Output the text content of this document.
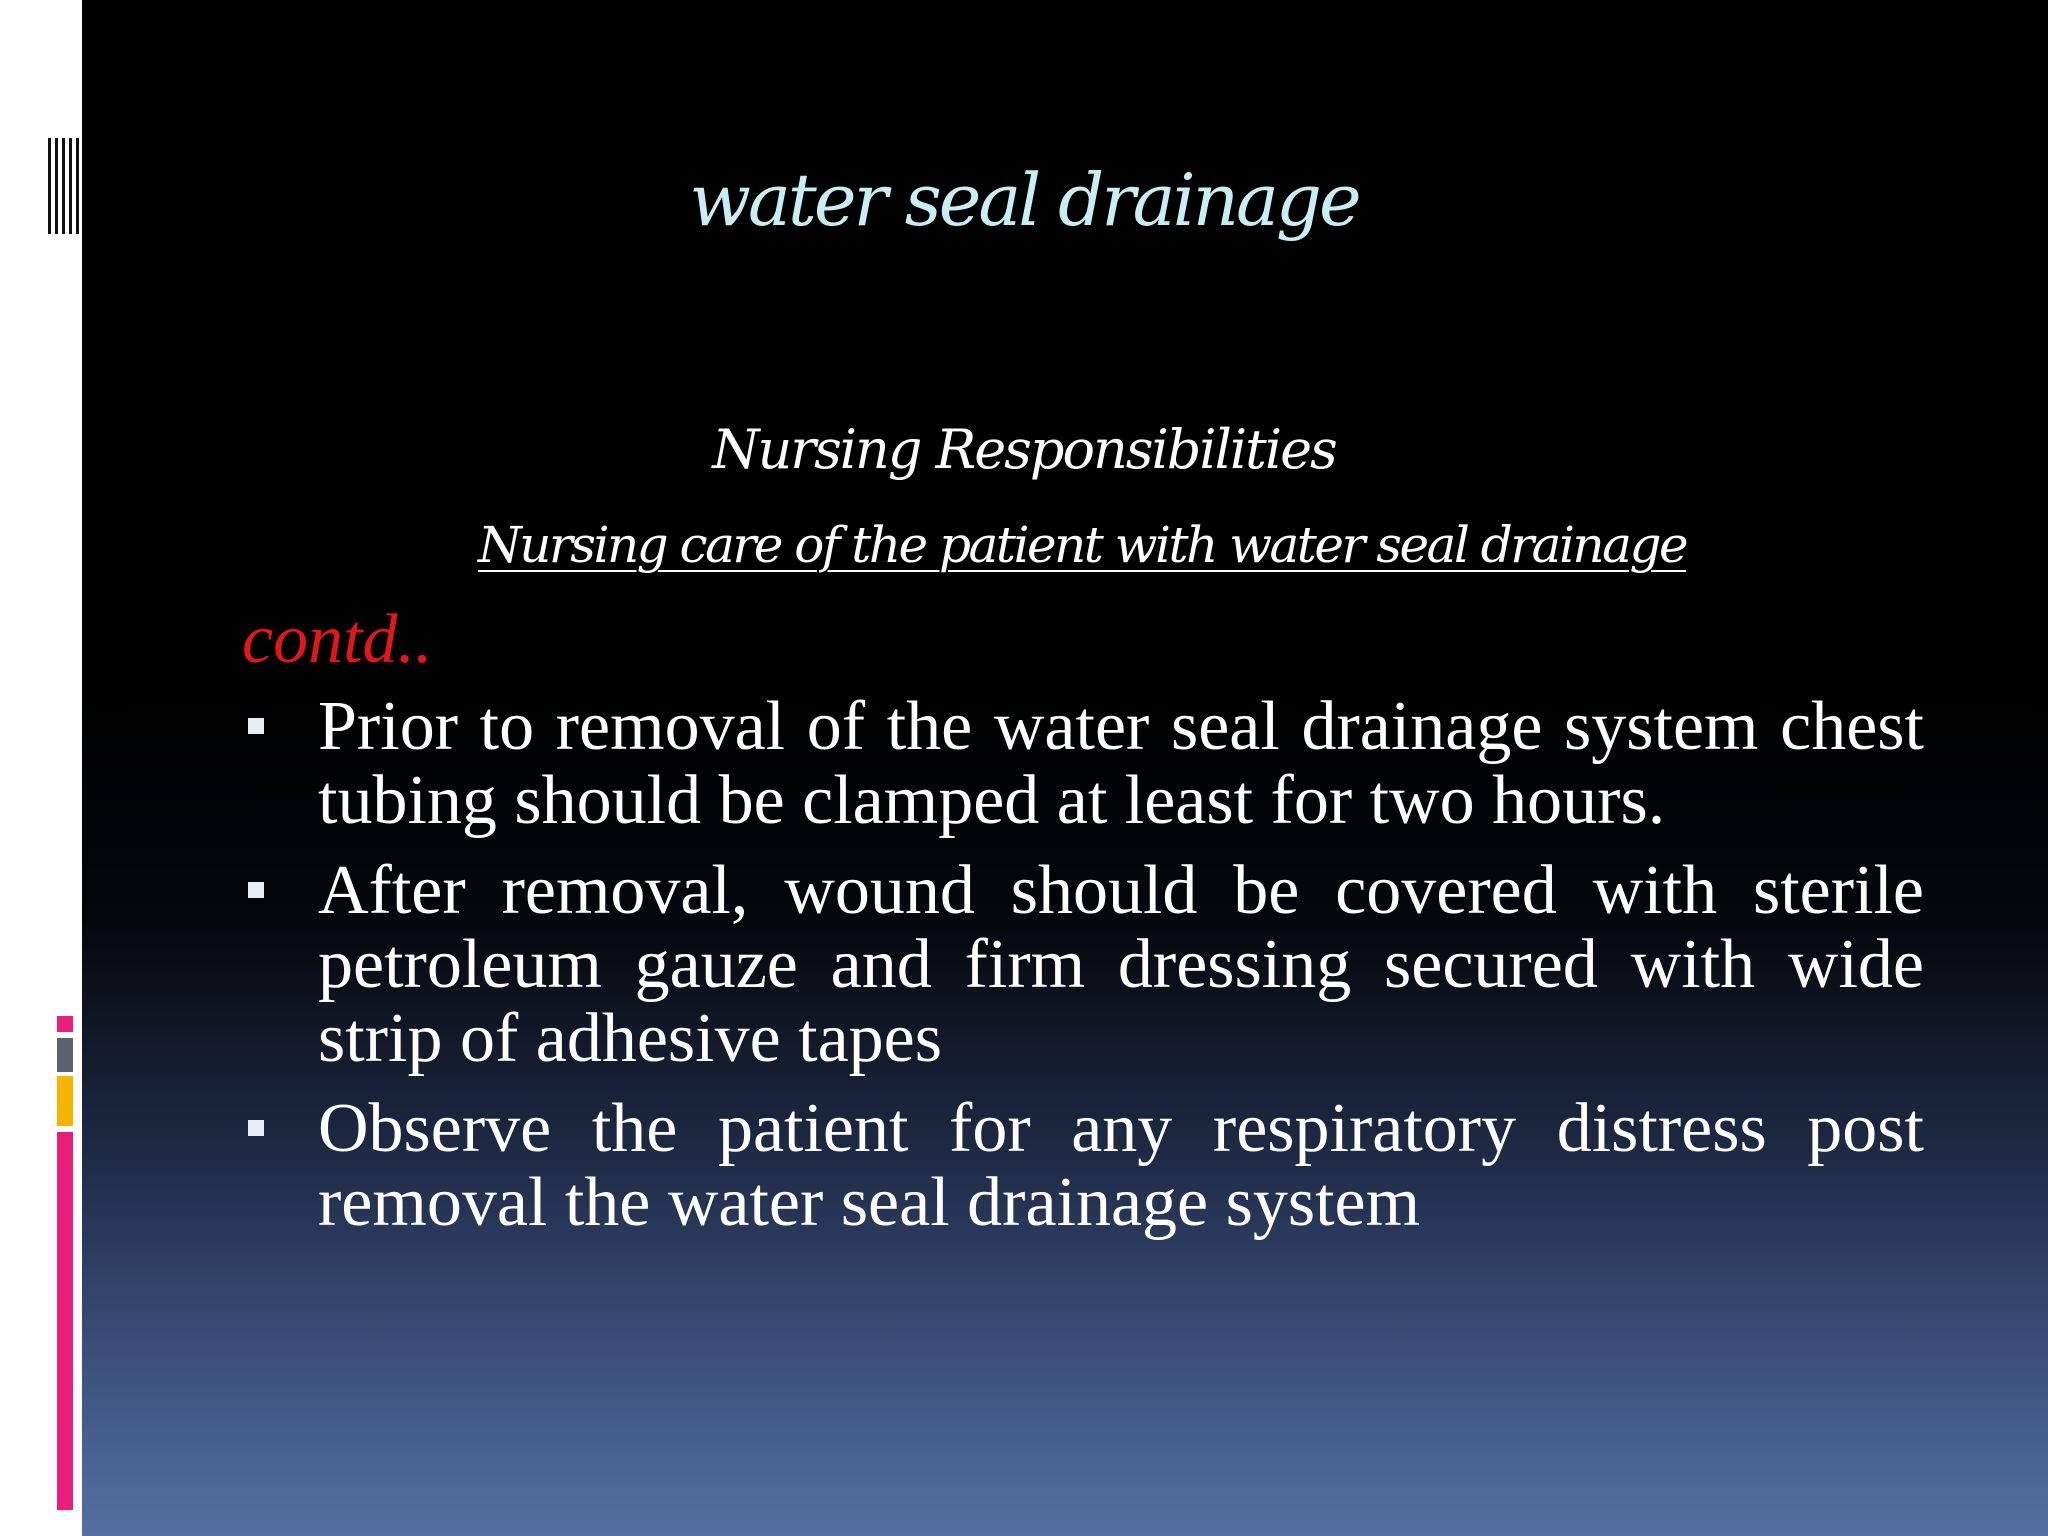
water seal drainage
Nursing Responsibilities
Nursing care of the patient with water seal drainage
contd..
Prior to removal of the water seal drainage system chest tubing should be clamped at least for two hours.
After removal, wound should be covered with sterile petroleum gauze and firm dressing secured with wide strip of adhesive tapes
Observe the patient for any respiratory distress post removal the water seal drainage system
